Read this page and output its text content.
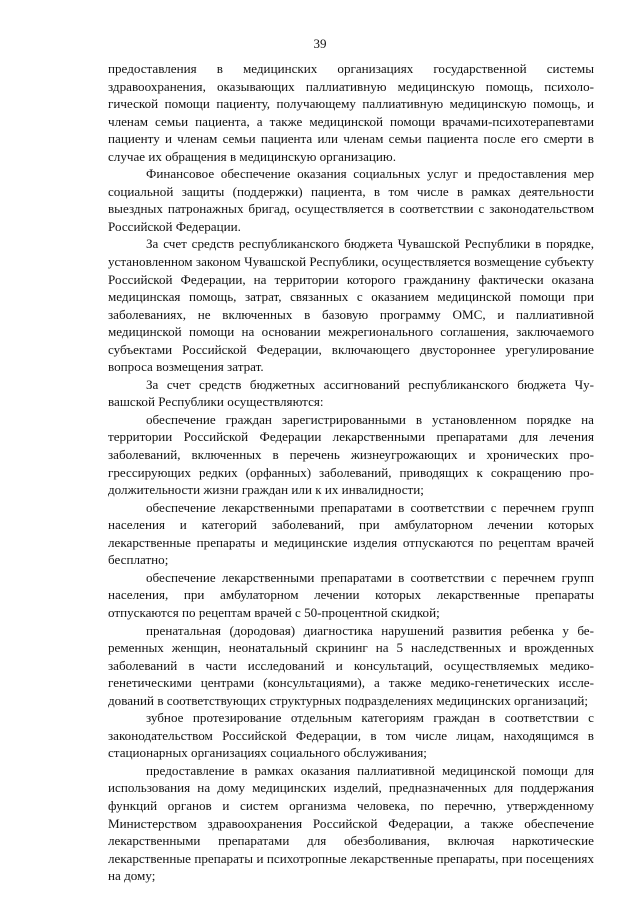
39

предоставления в медицинских организациях государственной системы здравоохранения, оказывающих паллиативную медицинскую помощь, психологической помощи пациенту, получающему паллиативную медицинскую помощь, и членам семьи пациента, а также медицинской помощи врачами-психотерапевтами пациенту и членам семьи пациента или членам семьи пациента после его смерти в случае их обращения в медицинскую организацию.

Финансовое обеспечение оказания социальных услуг и предоставления мер социальной защиты (поддержки) пациента, в том числе в рамках деятельности выездных патронажных бригад, осуществляется в соответствии с законодательством Российской Федерации.

За счет средств республиканского бюджета Чувашской Республики в порядке, установленном законом Чувашской Республики, осуществляется возмещение субъекту Российской Федерации, на территории которого гражданину фактически оказана медицинская помощь, затрат, связанных с оказанием медицинской помощи при заболеваниях, не включенных в базовую программу ОМС, и паллиативной медицинской помощи на основании межрегионального соглашения, заключаемого субъектами Российской Федерации, включающего двустороннее урегулирование вопроса возмещения затрат.

За счет средств бюджетных ассигнований республиканского бюджета Чувашской Республики осуществляются:

обеспечение граждан зарегистрированными в установленном порядке на территории Российской Федерации лекарственными препаратами для лечения заболеваний, включенных в перечень жизнеугрожающих и хронических прогрессирующих редких (орфанных) заболеваний, приводящих к сокращению продолжительности жизни граждан или к их инвалидности;

обеспечение лекарственными препаратами в соответствии с перечнем групп населения и категорий заболеваний, при амбулаторном лечении которых лекарственные препараты и медицинские изделия отпускаются по рецептам врачей бесплатно;

обеспечение лекарственными препаратами в соответствии с перечнем групп населения, при амбулаторном лечении которых лекарственные препараты отпускаются по рецептам врачей с 50-процентной скидкой;

пренатальная (дородовая) диагностика нарушений развития ребенка у беременных женщин, неонатальный скрининг на 5 наследственных и врожденных заболеваний в части исследований и консультаций, осуществляемых медико-генетическими центрами (консультациями), а также медико-генетических исследований в соответствующих структурных подразделениях медицинских организаций;

зубное протезирование отдельным категориям граждан в соответствии с законодательством Российской Федерации, в том числе лицам, находящимся в стационарных организациях социального обслуживания;

предоставление в рамках оказания паллиативной медицинской помощи для использования на дому медицинских изделий, предназначенных для поддержания функций органов и систем организма человека, по перечню, утвержденному Министерством здравоохранения Российской Федерации, а также обеспечение лекарственными препаратами для обезболивания, включая наркотические лекарственные препараты и психотропные лекарственные препараты, при посещениях на дому;
